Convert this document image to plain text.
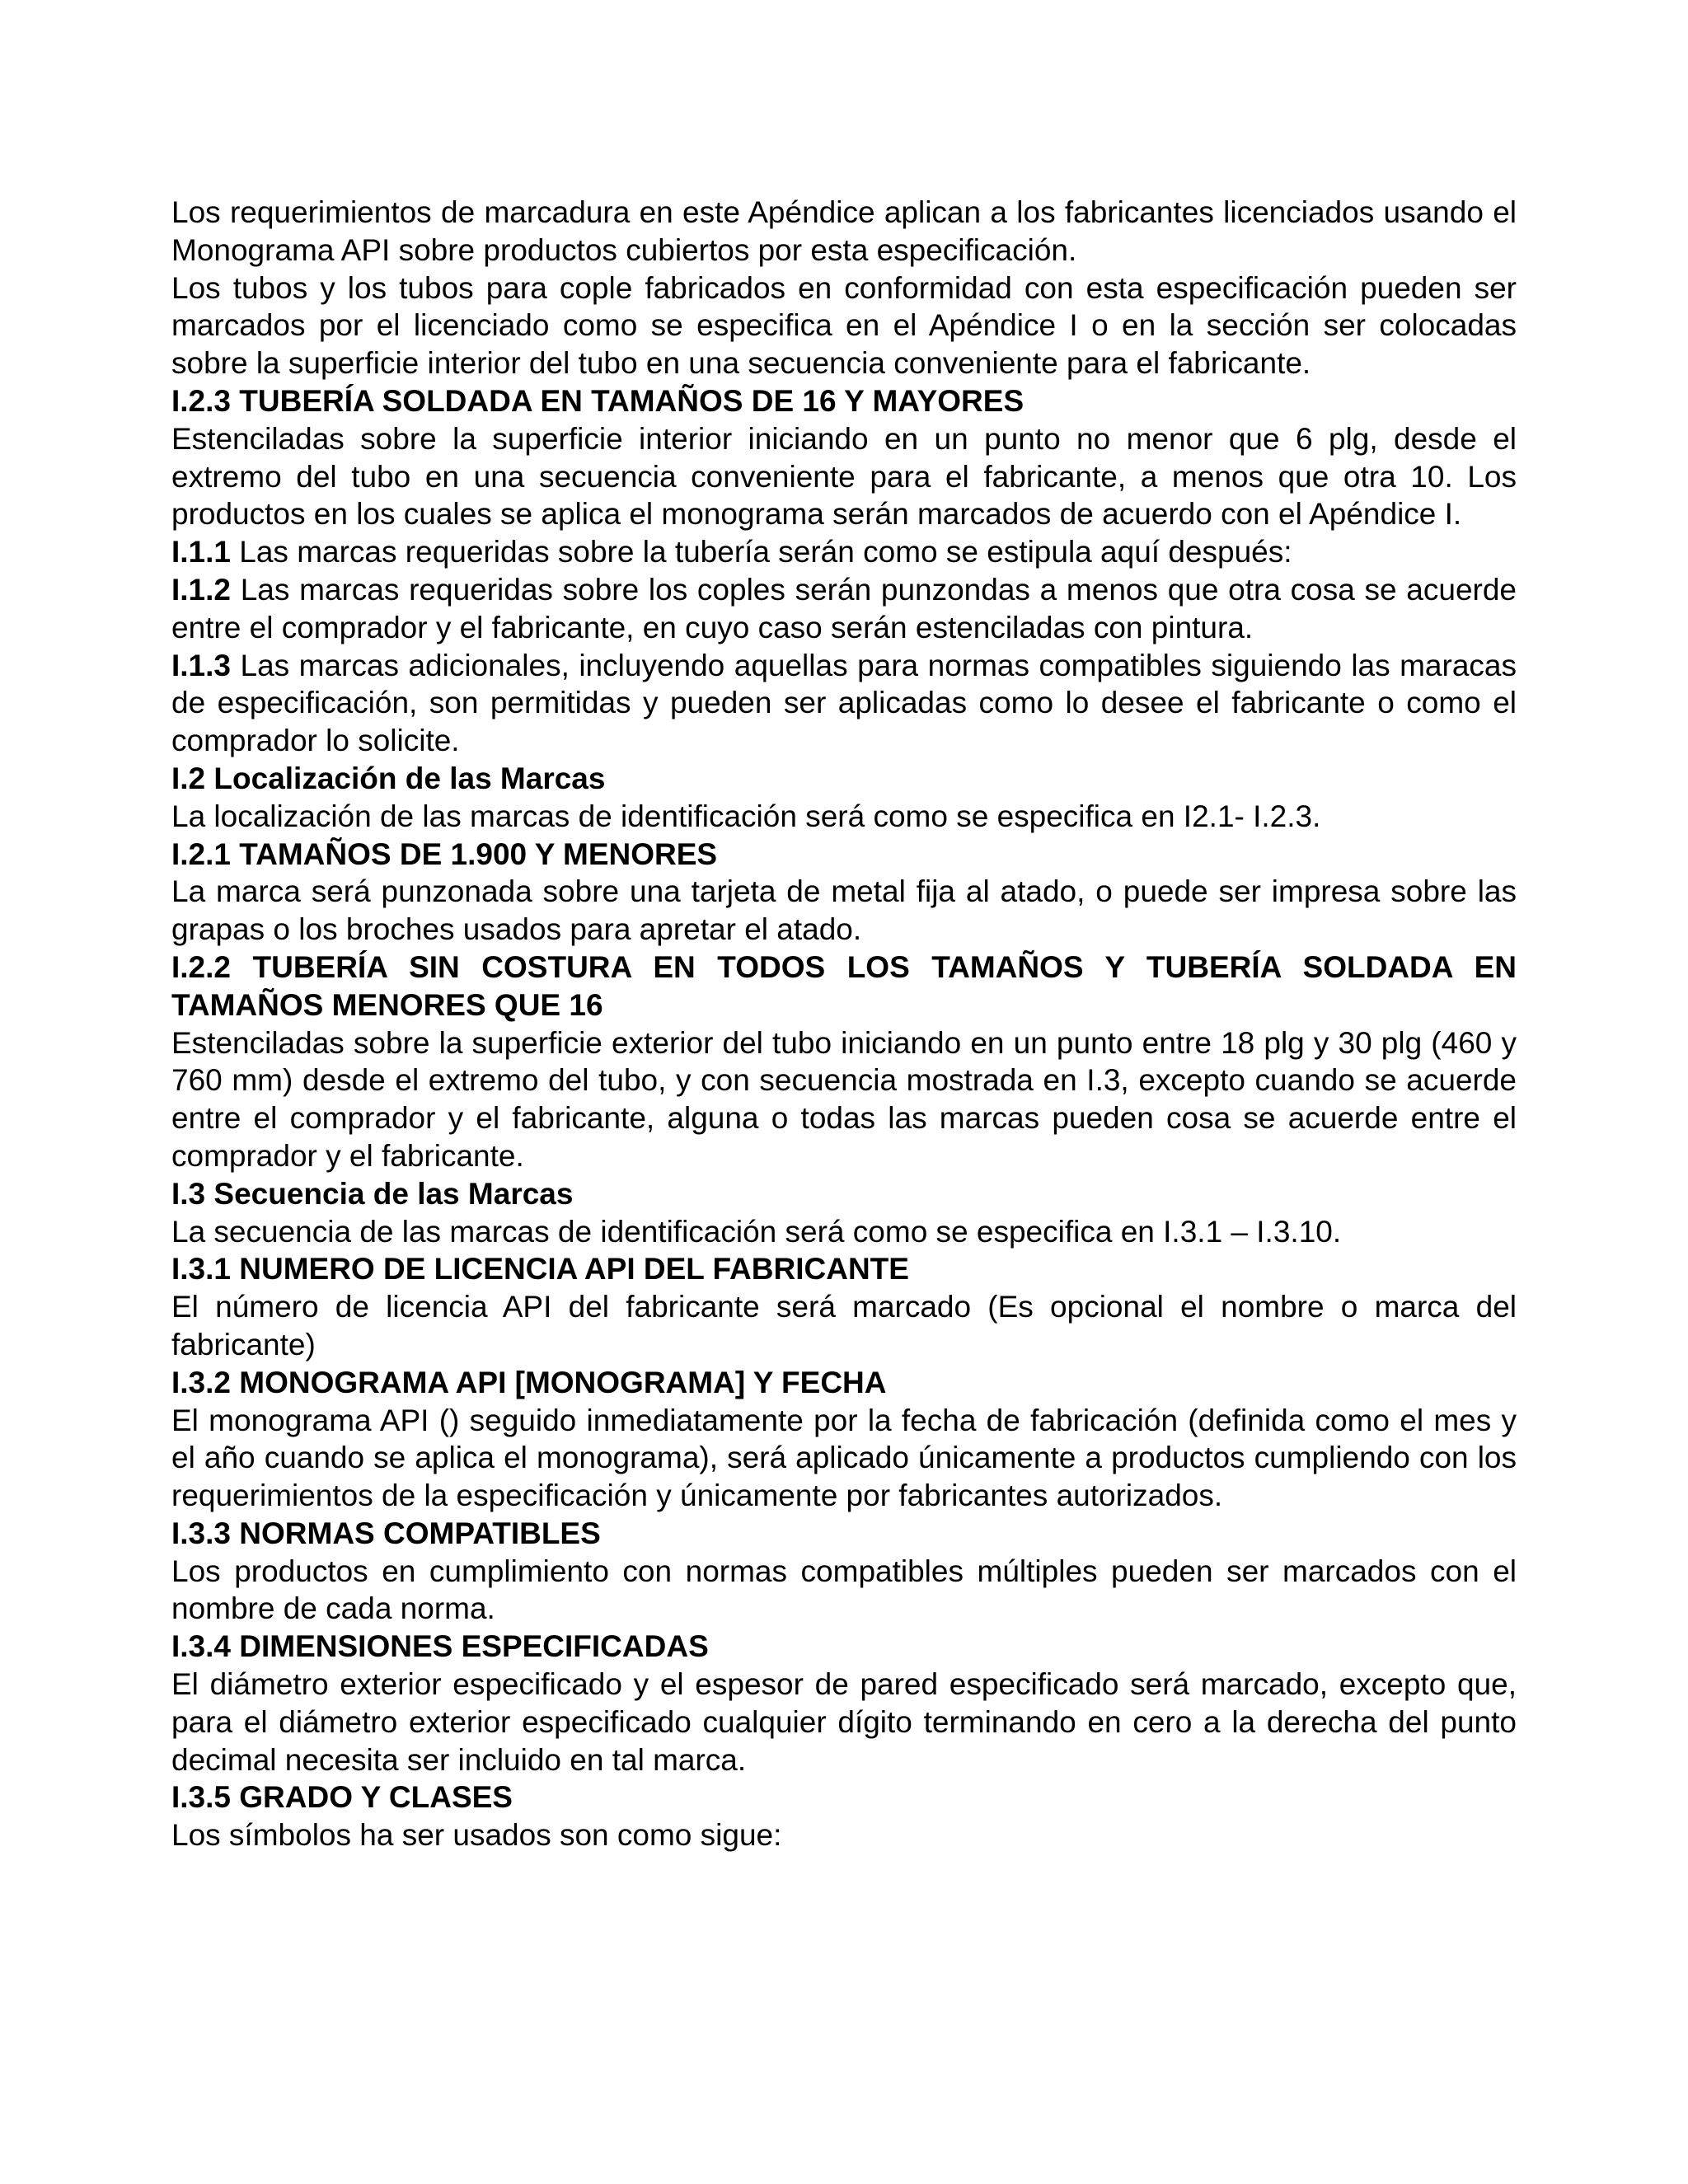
Los requerimientos de marcadura en este Apéndice aplican a los fabricantes licenciados usando el Monograma API sobre productos cubiertos por esta especificación.

Los tubos y los tubos para cople fabricados en conformidad con esta especificación pueden ser marcados por el licenciado como se especifica en el Apéndice I o en la sección ser colocadas sobre la superficie interior del tubo en una secuencia conveniente para el fabricante.

I.2.3 TUBERÍA SOLDADA EN TAMAÑOS DE 16 Y MAYORES

Estenciladas sobre la superficie interior iniciando en un punto no menor que 6 plg, desde el extremo del tubo en una secuencia conveniente para el fabricante, a menos que otra 10. Los productos en los cuales se aplica el monograma serán marcados de acuerdo con el Apéndice I.

I.1.1 Las marcas requeridas sobre la tubería serán como se estipula aquí después:

I.1.2 Las marcas requeridas sobre los coples serán punzondas a menos que otra cosa se acuerde entre el comprador y el fabricante, en cuyo caso serán estenciladas con pintura.

I.1.3 Las marcas adicionales, incluyendo aquellas para normas compatibles siguiendo las maracas de especificación, son permitidas y pueden ser aplicadas como lo desee el fabricante o como el comprador lo solicite.

I.2 Localización de las Marcas

La localización de las marcas de identificación será como se especifica en I2.1- I.2.3.

I.2.1 TAMAÑOS DE 1.900 Y MENORES

La marca será punzonada sobre una tarjeta de metal fija al atado, o puede ser impresa sobre las grapas o los broches usados para apretar el atado.

I.2.2 TUBERÍA SIN COSTURA EN TODOS LOS TAMAÑOS Y TUBERÍA SOLDADA EN TAMAÑOS MENORES QUE 16

Estenciladas sobre la superficie exterior del tubo iniciando en un punto entre 18 plg y 30 plg (460 y 760 mm) desde el extremo del tubo, y con secuencia mostrada en I.3, excepto cuando se acuerde entre el comprador y el fabricante, alguna o todas las marcas pueden cosa se acuerde entre el comprador y el fabricante.

I.3 Secuencia de las Marcas

La secuencia de las marcas de identificación será como se especifica en I.3.1 – I.3.10.

I.3.1 NUMERO DE LICENCIA API DEL FABRICANTE

El número de licencia API del fabricante será marcado (Es opcional el nombre o marca del fabricante)

I.3.2 MONOGRAMA API [MONOGRAMA] Y FECHA

El monograma API () seguido inmediatamente por la fecha de fabricación (definida como el mes y el año cuando se aplica el monograma), será aplicado únicamente a productos cumpliendo con los requerimientos de la especificación y únicamente por fabricantes autorizados.

I.3.3 NORMAS COMPATIBLES

Los productos en cumplimiento con normas compatibles múltiples pueden ser marcados con el nombre de cada norma.

I.3.4 DIMENSIONES ESPECIFICADAS

El diámetro exterior especificado y el espesor de pared especificado será marcado, excepto que, para el diámetro exterior especificado cualquier dígito terminando en cero a la derecha del punto decimal necesita ser incluido en tal marca.

I.3.5 GRADO Y CLASES

Los símbolos ha ser usados son como sigue:
